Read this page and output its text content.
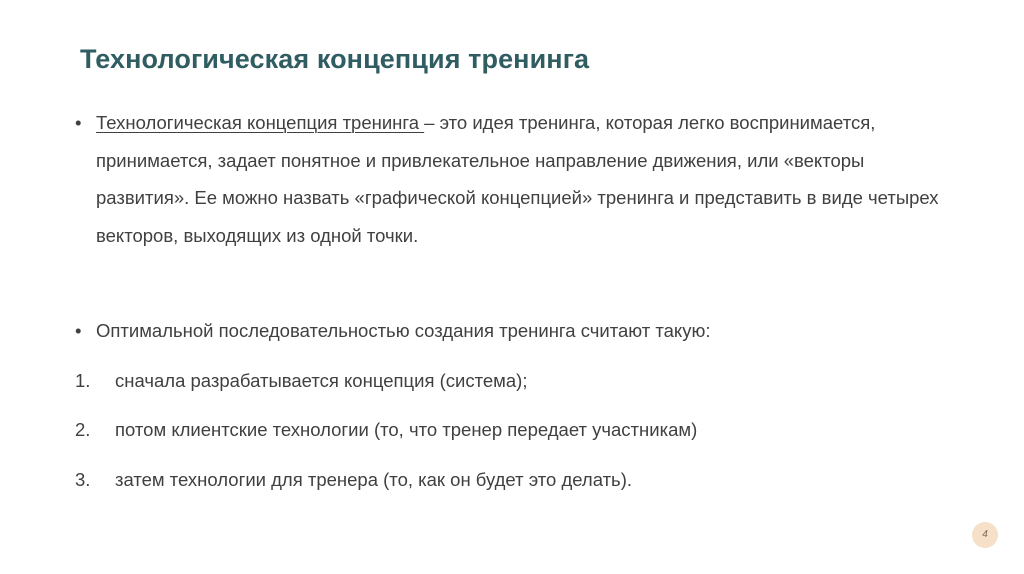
Технологическая концепция тренинга
• Технологическая концепция тренинга – это идея тренинга, которая легко воспринимается, принимается, задает понятное и привлекательное направление движения, или «векторы развития». Ее можно назвать «графической концепцией» тренинга и представить в виде четырех векторов, выходящих из одной точки.
• Оптимальной последовательностью создания тренинга считают такую:
1. сначала разрабатывается концепция (система);
2. потом клиентские технологии (то, что тренер передает участникам)
3. затем технологии для тренера (то, как он будет это делать).
4
